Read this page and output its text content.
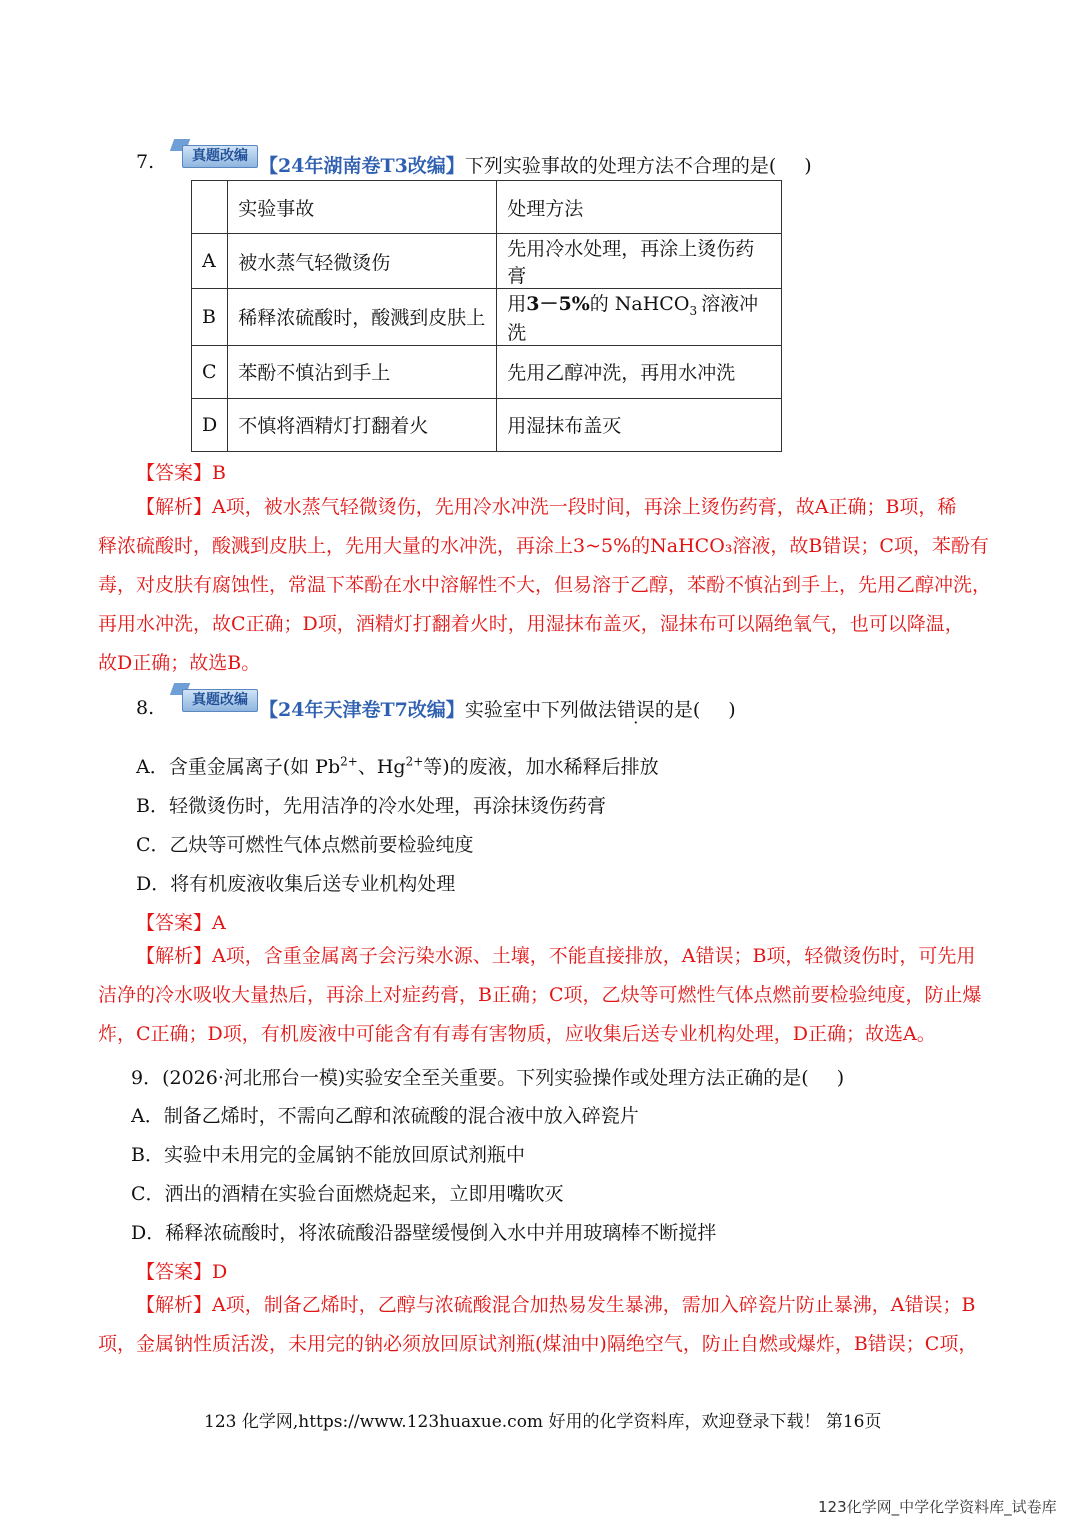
7.	真题改编 【24年湖南卷T3改编】下列实验事故的处理方法不合理的是( )
	实验事故	处理方法
A	被水蒸气轻微烫伤	先用冷水处理，再涂上烫伤药膏
B	稀释浓硫酸时，酸溅到皮肤上	用3－5%的 NaHCO$_3$ 溶液冲洗
C	苯酚不慎沾到手上	先用乙醇冲洗，再用水冲洗
D	不慎将酒精灯打翻着火	用湿抹布盖灭
【答案】B
【解析】A项，被水蒸气轻微烫伤，先用冷水冲洗一段时间，再涂上烫伤药膏，故A正确；B项，稀
释浓硫酸时，酸溅到皮肤上，先用大量的水冲洗，再涂上3~5%的NaHCO₃溶液，故B错误；C项，苯酚有
毒，对皮肤有腐蚀性，常温下苯酚在水中溶解性不大，但易溶于乙醇，苯酚不慎沾到手上，先用乙醇冲洗，
再用水冲洗，故C正确；D项，酒精灯打翻着火时，用湿抹布盖灭，湿抹布可以隔绝氧气，也可以降温，
故D正确；故选B。
8.	真题改编 【24年天津卷T7改编】实验室中下列做法错误的是( )
A．含重金属离子(如 $Pb^{2+}$、$Hg^{2+}$等)的废液，加水稀释后排放
B．轻微烫伤时，先用洁净的冷水处理，再涂抹烫伤药膏
C．乙炔等可燃性气体点燃前要检验纯度
D．将有机废液收集后送专业机构处理
【答案】A
【解析】A项，含重金属离子会污染水源、土壤，不能直接排放，A错误；B项，轻微烫伤时，可先用
洁净的冷水吸收大量热后，再涂上对症药膏，B正确；C项，乙炔等可燃性气体点燃前要检验纯度，防止爆
炸，C正确；D项，有机废液中可能含有有毒有害物质，应收集后送专业机构处理，D正确；故选A。
9．(2026·河北邢台一模)实验安全至关重要。下列实验操作或处理方法正确的是( )
A．制备乙烯时，不需向乙醇和浓硫酸的混合液中放入碎瓷片
B．实验中未用完的金属钠不能放回原试剂瓶中
C．洒出的酒精在实验台面燃烧起来，立即用嘴吹灭
D．稀释浓硫酸时，将浓硫酸沿器壁缓慢倒入水中并用玻璃棒不断搅拌
【答案】D
【解析】A项，制备乙烯时，乙醇与浓硫酸混合加热易发生暴沸，需加入碎瓷片防止暴沸，A错误；B
项，金属钠性质活泼，未用完的钠必须放回原试剂瓶(煤油中)隔绝空气，防止自燃或爆炸，B错误；C项，
123 化学网,https://www.123huaxue.com 好用的化学资料库，欢迎登录下载！ 第16页
123化学网_中学化学资料库_试卷库
